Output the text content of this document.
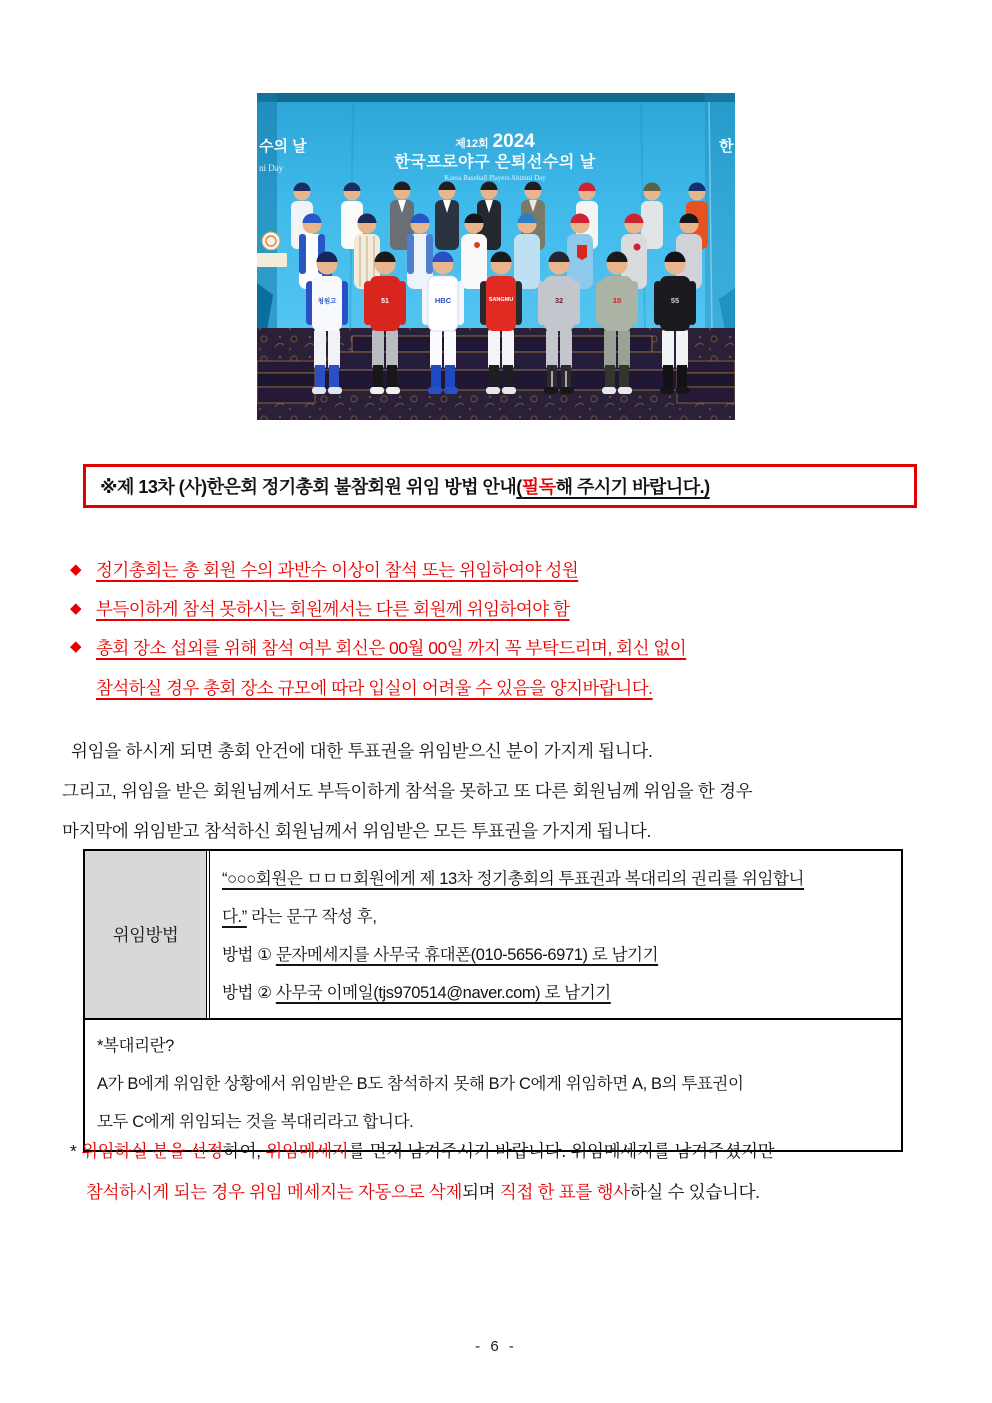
제12회 2024
한국프로야구 은퇴선수의 날
Korea Baseball Players Alumni Day
수의 날
ni Day
한
청원고	51	HBC	SANGMU	32	10	55
※제 13차 (사)한은회 정기총회 불참회원 위임 방법 안내 (필독해 주시기 바랍니다.)
◆ 정기총회는 총 회원 수의 과반수 이상이 참석 또는 위임하여야 성원
◆ 부득이하게 참석 못하시는 회원께서는 다른 회원께 위임하여야 함
◆ 총회 장소 섭외를 위해 참석 여부 회신은 00월 00일 까지 꼭 부탁드리며, 회신 없이
참석하실 경우 총회 장소 규모에 따라 입실이 어려울 수 있음을 양지바랍니다.
위임을 하시게 되면 총회 안건에 대한 투표권을 위임받으신 분이 가지게 됩니다.
그리고, 위임을 받은 회원님께서도 부득이하게 참석을 못하고 또 다른 회원님께 위임을 한 경우
마지막에 위임받고 참석하신 회원님께서 위임받은 모든 투표권을 가지게 됩니다.
위임방법
“○○○회원은 ㅁㅁㅁ회원에게 제 13차 정기총회의 투표권과 복대리의 권리를 위임합니
다.” 라는 문구 작성 후,
방법 ① 문자메세지를 사무국 휴대폰(010-5656-6971) 로 남기기
방법 ② 사무국 이메일(tjs970514@naver.com) 로 남기기
*복대리란?
A가 B에게 위임한 상황에서 위임받은 B도 참석하지 못해 B가 C에게 위임하면 A, B의 투표권이
모두 C에게 위임되는 것을 복대리라고 합니다.
* 위임하실 분을 선정하여, 위임메세지를 먼저 남겨주시기 바랍니다. 위임메세지를 남겨주셨지만
참석하시게 되는 경우 위임 메세지는 자동으로 삭제되며 직접 한 표를 행사하실 수 있습니다.
- 6 -
